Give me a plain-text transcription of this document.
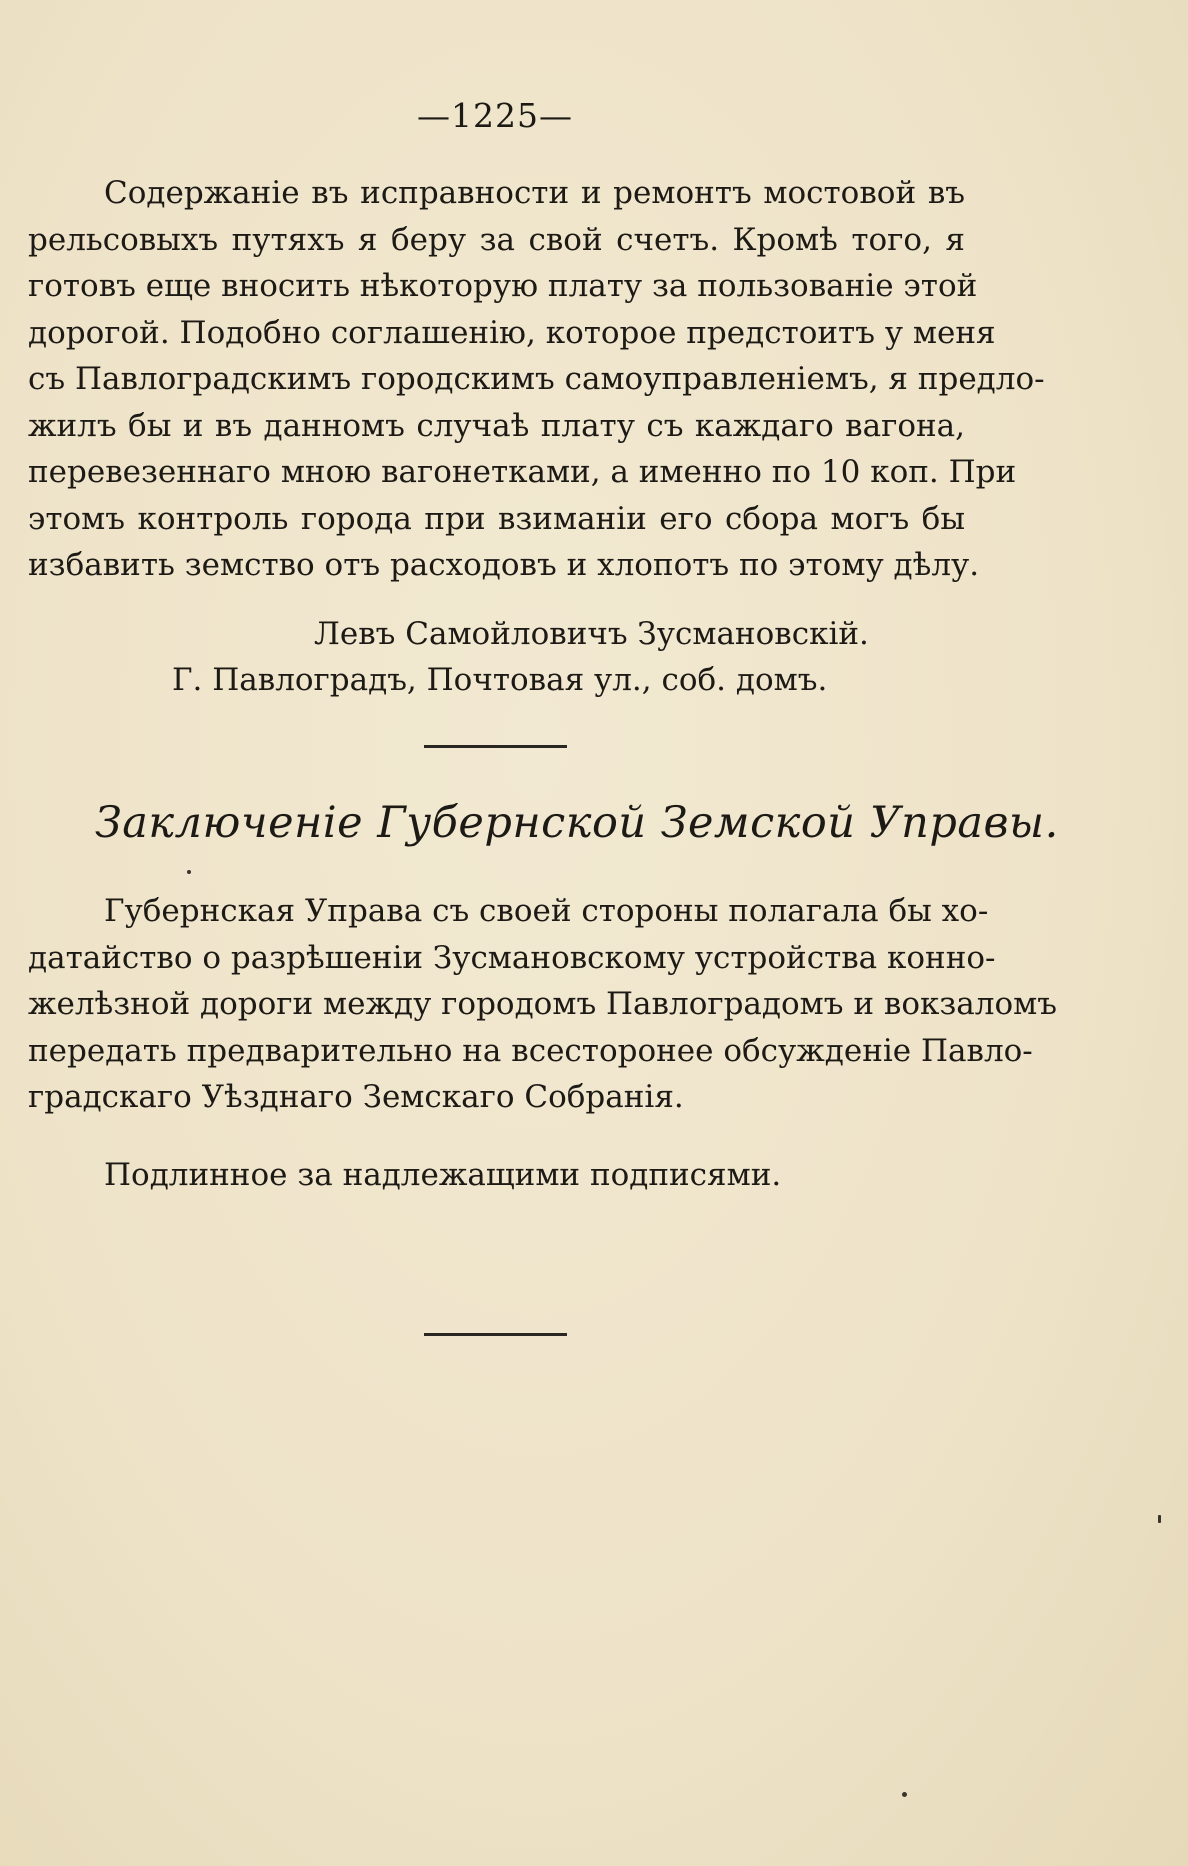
—1225—
Содержаніе въ исправности и ремонтъ мостовой въ
рельсовыхъ путяхъ я беру за свой счетъ. Кромѣ того, я
готовъ еще вносить нѣкоторую плату за пользованіе этой
дорогой. Подобно соглашенію, которое предстоитъ у меня
съ Павлоградскимъ городскимъ самоуправленіемъ, я предло-
жилъ бы и въ данномъ случаѣ плату съ каждаго вагона,
перевезеннаго мною вагонетками, а именно по 10 коп. При
этомъ контроль города при взиманіи его сбора могъ бы
избавить земство отъ расходовъ и хлопотъ по этому дѣлу.
Левъ Самойловичъ Зусмановскій.
Г. Павлоградъ, Почтовая ул., соб. домъ.
Заключеніе Губернской Земской Управы.
Губернская Управа съ своей стороны полагала бы хо-
датайство о разрѣшеніи Зусмановскому устройства конно-
желѣзной дороги между городомъ Павлоградомъ и вокзаломъ
передать предварительно на всесторонее обсужденіе Павло-
градскаго Уѣзднаго Земскаго Собранія.
Подлинное за надлежащими подписями.
